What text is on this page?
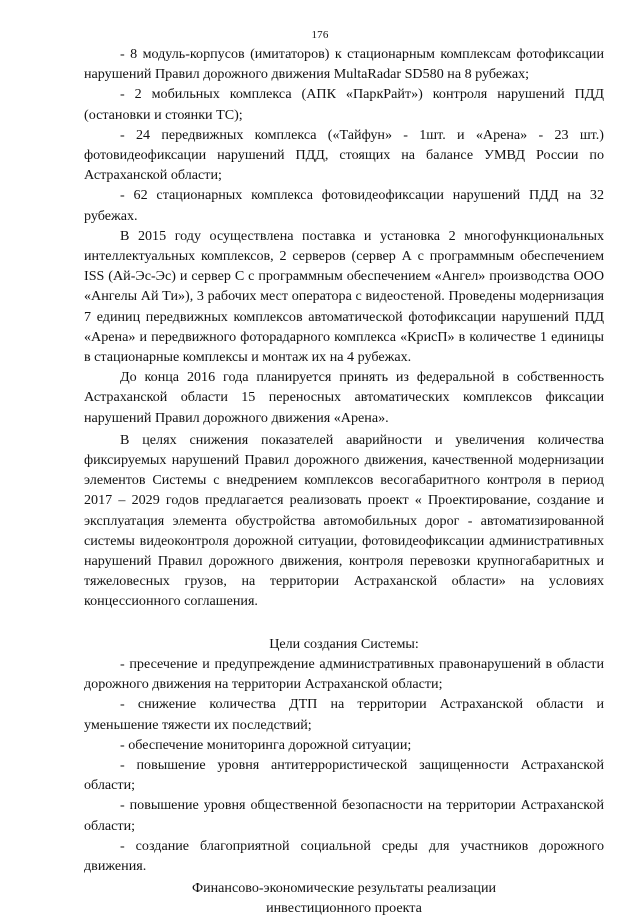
176

- 8 модуль-корпусов (имитаторов) к стационарным комплексам фотофиксации нарушений Правил дорожного движения MultaRadar SD580 на 8 рубежах;

- 2 мобильных комплекса (АПК «ПаркРайт») контроля нарушений ПДД (остановки и стоянки ТС);

- 24 передвижных комплекса («Тайфун» - 1шт. и «Арена» - 23 шт.) фотовидеофиксации нарушений ПДД, стоящих на балансе УМВД России по Астраханской области;

- 62 стационарных комплекса фотовидеофиксации нарушений ПДД на 32 рубежах.

В 2015 году осуществлена поставка и установка 2 многофункциональных интеллектуальных комплексов, 2 серверов (сервер А с программным обеспечением ISS (Ай-Эс-Эс) и сервер С с программным обеспечением «Ангел» производства ООО «Ангелы Ай Ти»), 3 рабочих мест оператора с видеостеной. Проведены модернизация 7 единиц передвижных комплексов автоматической фотофиксации нарушений ПДД «Арена» и передвижного фоторадарного комплекса «КрисП» в количестве 1 единицы в стационарные комплексы и монтаж их на 4 рубежах.

До конца 2016 года планируется принять из федеральной в собственность Астраханской области 15 переносных автоматических комплексов фиксации нарушений Правил дорожного движения «Арена».

В целях снижения показателей аварийности и увеличения количества фиксируемых нарушений Правил дорожного движения, качественной модернизации элементов Системы с внедрением комплексов весогабаритного контроля в период 2017 – 2029 годов предлагается реализовать проект « Проектирование, создание и эксплуатация элемента обустройства автомобильных дорог - автоматизированной системы видеоконтроля дорожной ситуации, фотовидеофиксации административных нарушений Правил дорожного движения, контроля перевозки крупногабаритных и тяжеловесных грузов, на территории Астраханской области» на условиях концессионного соглашения.

Цели создания Системы:

- пресечение и предупреждение административных правонарушений в области дорожного движения на территории Астраханской области;

- снижение количества ДТП на территории Астраханской области и уменьшение тяжести их последствий;

- обеспечение мониторинга дорожной ситуации;

- повышение уровня антитеррористической защищенности Астраханской области;

- повышение уровня общественной безопасности на территории Астраханской области;

- создание благоприятной социальной среды для участников дорожного движения.

Финансово-экономические результаты реализации

инвестиционного проекта
